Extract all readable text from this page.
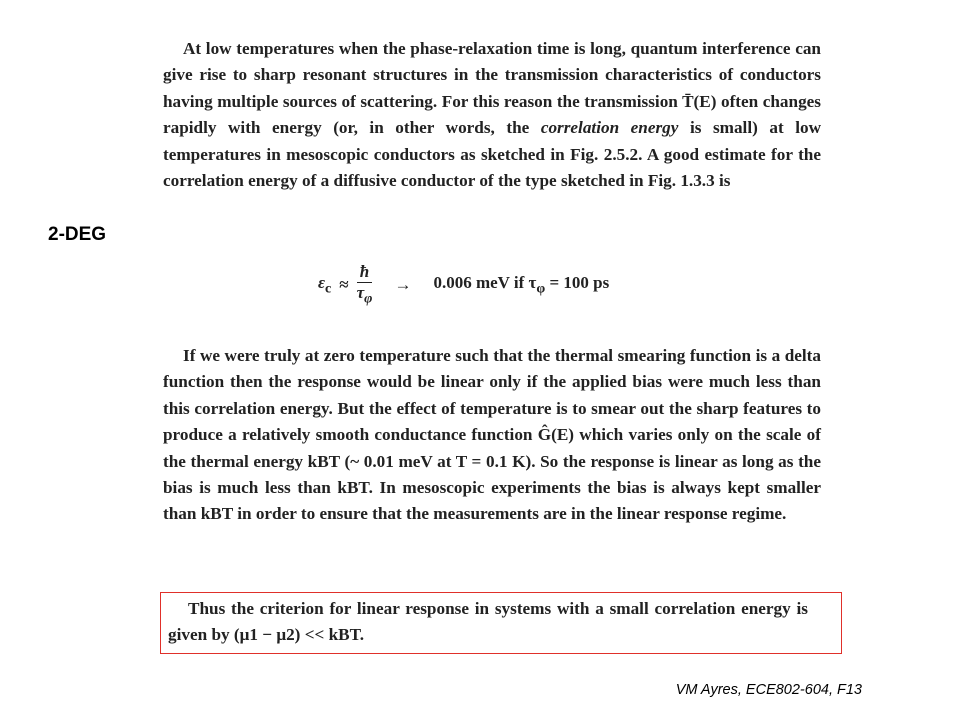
2-DEG
At low temperatures when the phase-relaxation time is long, quantum interference can give rise to sharp resonant structures in the transmission characteristics of conductors having multiple sources of scattering. For this reason the transmission T̄(E) often changes rapidly with energy (or, in other words, the correlation energy is small) at low temperatures in mesoscopic conductors as sketched in Fig. 2.5.2. A good estimate for the correlation energy of a diffusive conductor of the type sketched in Fig. 1.3.3 is
$\varepsilon_c \approx \frac{ħ}{\tau_\varphi} \to 0.006$ meV if $\tau_\varphi = 100$ ps
If we were truly at zero temperature such that the thermal smearing function is a delta function then the response would be linear only if the applied bias were much less than this correlation energy. But the effect of temperature is to smear out the sharp features to produce a relatively smooth conductance function Ĝ(E) which varies only on the scale of the thermal energy kBT (~ 0.01 meV at T = 0.1 K). So the response is linear as long as the bias is much less than kBT. In mesoscopic experiments the bias is always kept smaller than kBT in order to ensure that the measurements are in the linear response regime.
Thus the criterion for linear response in systems with a small correlation energy is given by (μ1 − μ2) << kBT.
VM Ayres, ECE802-604, F13
